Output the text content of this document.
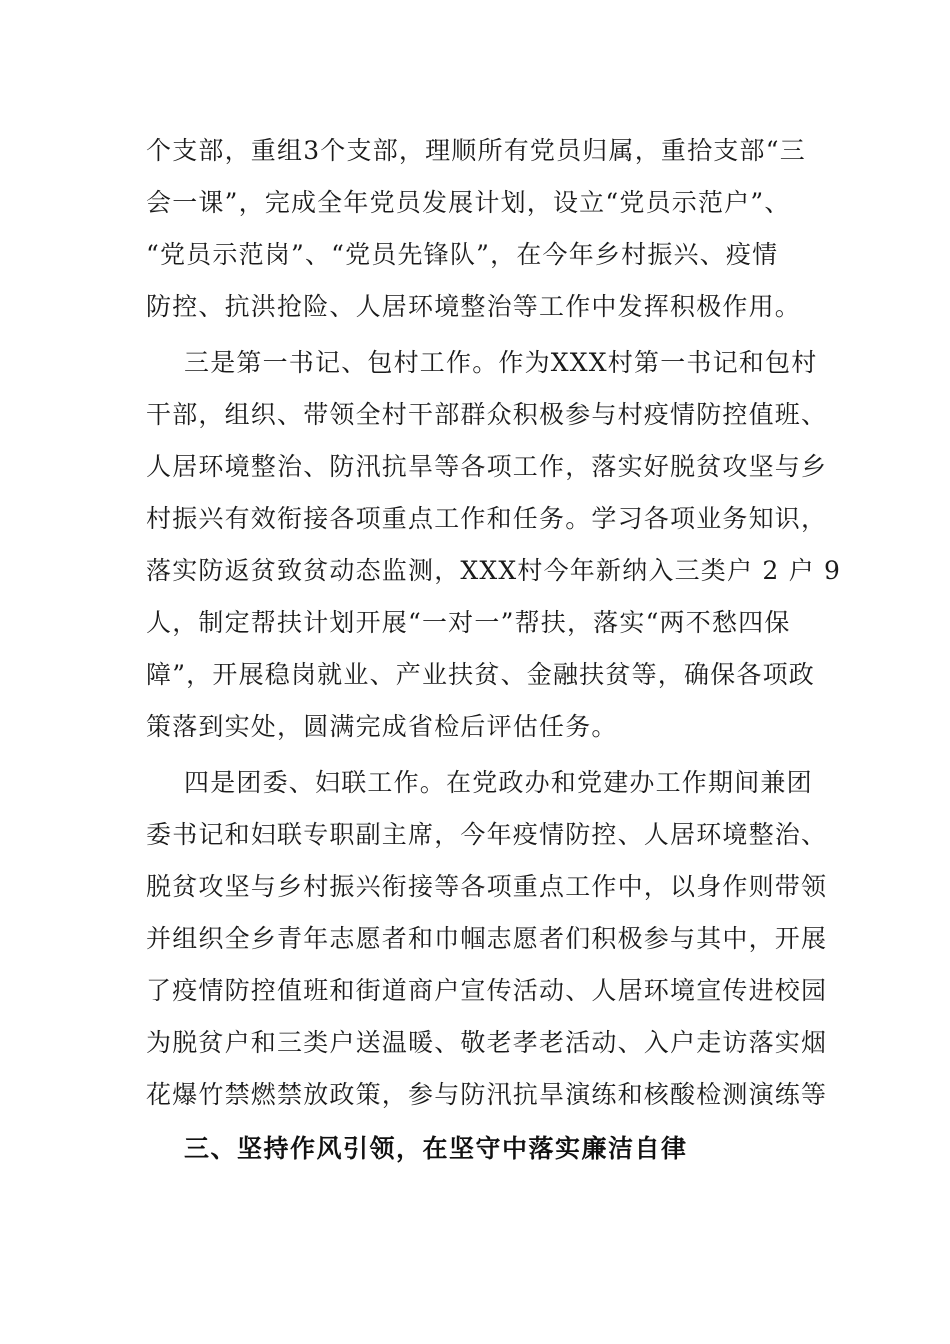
个支部，重组3个支部，理顺所有党员归属，重拾支部“三
会一课”，完成全年党员发展计划，设立“党员示范户”、
“党员示范岗”、“党员先锋队”，在今年乡村振兴、疫情
防控、抗洪抢险、人居环境整治等工作中发挥积极作用。
三是第一书记、包村工作。作为XXX村第一书记和包村
干部，组织、带领全村干部群众积极参与村疫情防控值班、
人居环境整治、防汛抗旱等各项工作，落实好脱贫攻坚与乡
村振兴有效衔接各项重点工作和任务。学习各项业务知识，
落实防返贫致贫动态监测，XXX村今年新纳入三类户 2 户 9
人，制定帮扶计划开展“一对一”帮扶，落实“两不愁四保
障”，开展稳岗就业、产业扶贫、金融扶贫等，确保各项政
策落到实处，圆满完成省检后评估任务。
四是团委、妇联工作。在党政办和党建办工作期间兼团
委书记和妇联专职副主席，今年疫情防控、人居环境整治、
脱贫攻坚与乡村振兴衔接等各项重点工作中，以身作则带领
并组织全乡青年志愿者和巾帼志愿者们积极参与其中，开展
了疫情防控值班和街道商户宣传活动、人居环境宣传进校园
为脱贫户和三类户送温暖、敬老孝老活动、入户走访落实烟
花爆竹禁燃禁放政策，参与防汛抗旱演练和核酸检测演练等
三、坚持作风引领，在坚守中落实廉洁自律
